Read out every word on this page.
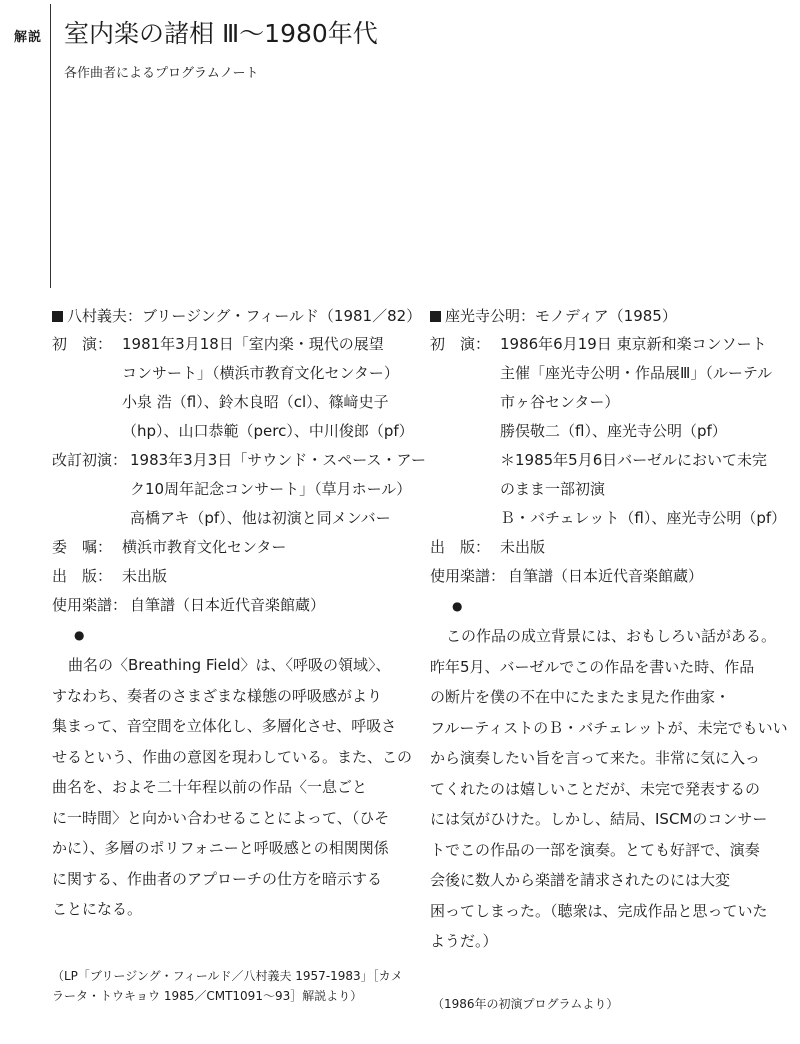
解説 室内楽の諸相 Ⅲ〜1980年代
各作曲者によるプログラムノート
八村義夫：ブリージング・フィールド（1981／82）
初　演： 1981年3月18日「室内楽・現代の展望
コンサート」（横浜市教育文化センター）
小泉 浩（fl）、鈴木良昭（cl）、篠﨑史子
（hp）、山口恭範（perc）、中川俊郎（pf）
改訂初演： 1983年3月3日「サウンド・スペース・アー
ク10周年記念コンサート」（草月ホール）
高橋アキ（pf）、他は初演と同メンバー
委　嘱： 横浜市教育文化センター
出　版： 未出版
使用楽譜： 自筆譜（日本近代音楽館蔵）
●
曲名の〈Breathing Field〉は、〈呼吸の領域〉、
すなわち、奏者のさまざまな様態の呼吸感がより
集まって、音空間を立体化し、多層化させ、呼吸さ
せるという、作曲の意図を現わしている。また、この
曲名を、およそ二十年程以前の作品〈一息ごと
に一時間〉と向かい合わせることによって、（ひそ
かに）、多層のポリフォニーと呼吸感との相関関係
に関する、作曲者のアプローチの仕方を暗示する
ことになる。
（LP「ブリージング・フィールド／八村義夫 1957-1983」［カメ
ラータ・トウキョウ 1985／CMT1091〜93］解説より）
座光寺公明：モノディア（1985）
初　演： 1986年6月19日 東京新和楽コンソート
主催「座光寺公明・作品展Ⅲ」（ルーテル
市ヶ谷センター）
勝俣敬二（fl）、座光寺公明（pf）
＊1985年5月6日バーゼルにおいて未完
のまま一部初演
Ｂ・バチェレット（fl）、座光寺公明（pf）
出　版： 未出版
使用楽譜： 自筆譜（日本近代音楽館蔵）
●
この作品の成立背景には、おもしろい話がある。
昨年5月、バーゼルでこの作品を書いた時、作品
の断片を僕の不在中にたまたま見た作曲家・
フルーティストのＢ・バチェレットが、未完でもいい
から演奏したい旨を言って来た。非常に気に入っ
てくれたのは嬉しいことだが、未完で発表するの
には気がひけた。しかし、結局、ISCMのコンサー
トでこの作品の一部を演奏。とても好評で、演奏
会後に数人から楽譜を請求されたのには大変
困ってしまった。（聴衆は、完成作品と思っていた
ようだ。）
（1986年の初演プログラムより）
